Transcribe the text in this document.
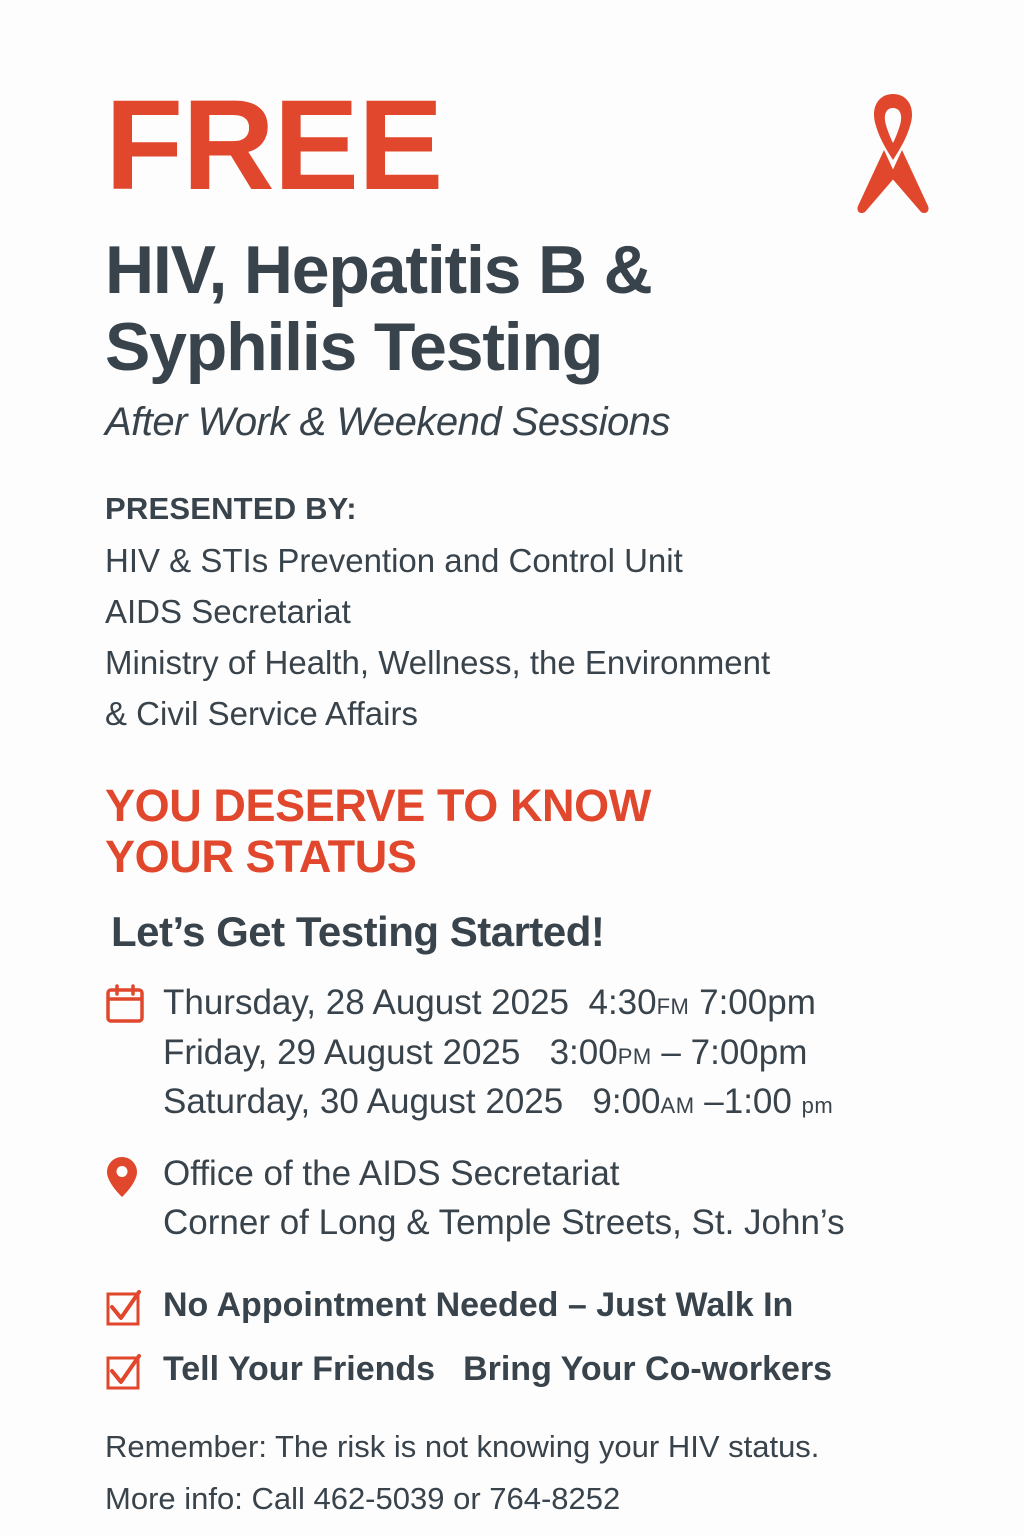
FREE
HIV, Hepatitis B &
Syphilis Testing
After Work & Weekend Sessions
PRESENTED BY:
HIV & STIs Prevention and Control Unit
AIDS Secretariat
Ministry of Health, Wellness, the Environment
& Civil Service Affairs
YOU DESERVE TO KNOW
YOUR STATUS
Let’s Get Testing Started!
Thursday, 28 August 2025 4:30FM 7:00pm
Friday, 29 August 2025 3:00PM – 7:00pm
Saturday, 30 August 2025 9:00AM –1:00 pm
Office of the AIDS Secretariat
Corner of Long & Temple Streets, St. John’s
No Appointment Needed – Just Walk In
Tell Your Friends Bring Your Co-workers
Remember: The risk is not knowing your HIV status.
More info: Call 462-5039 or 764-8252
